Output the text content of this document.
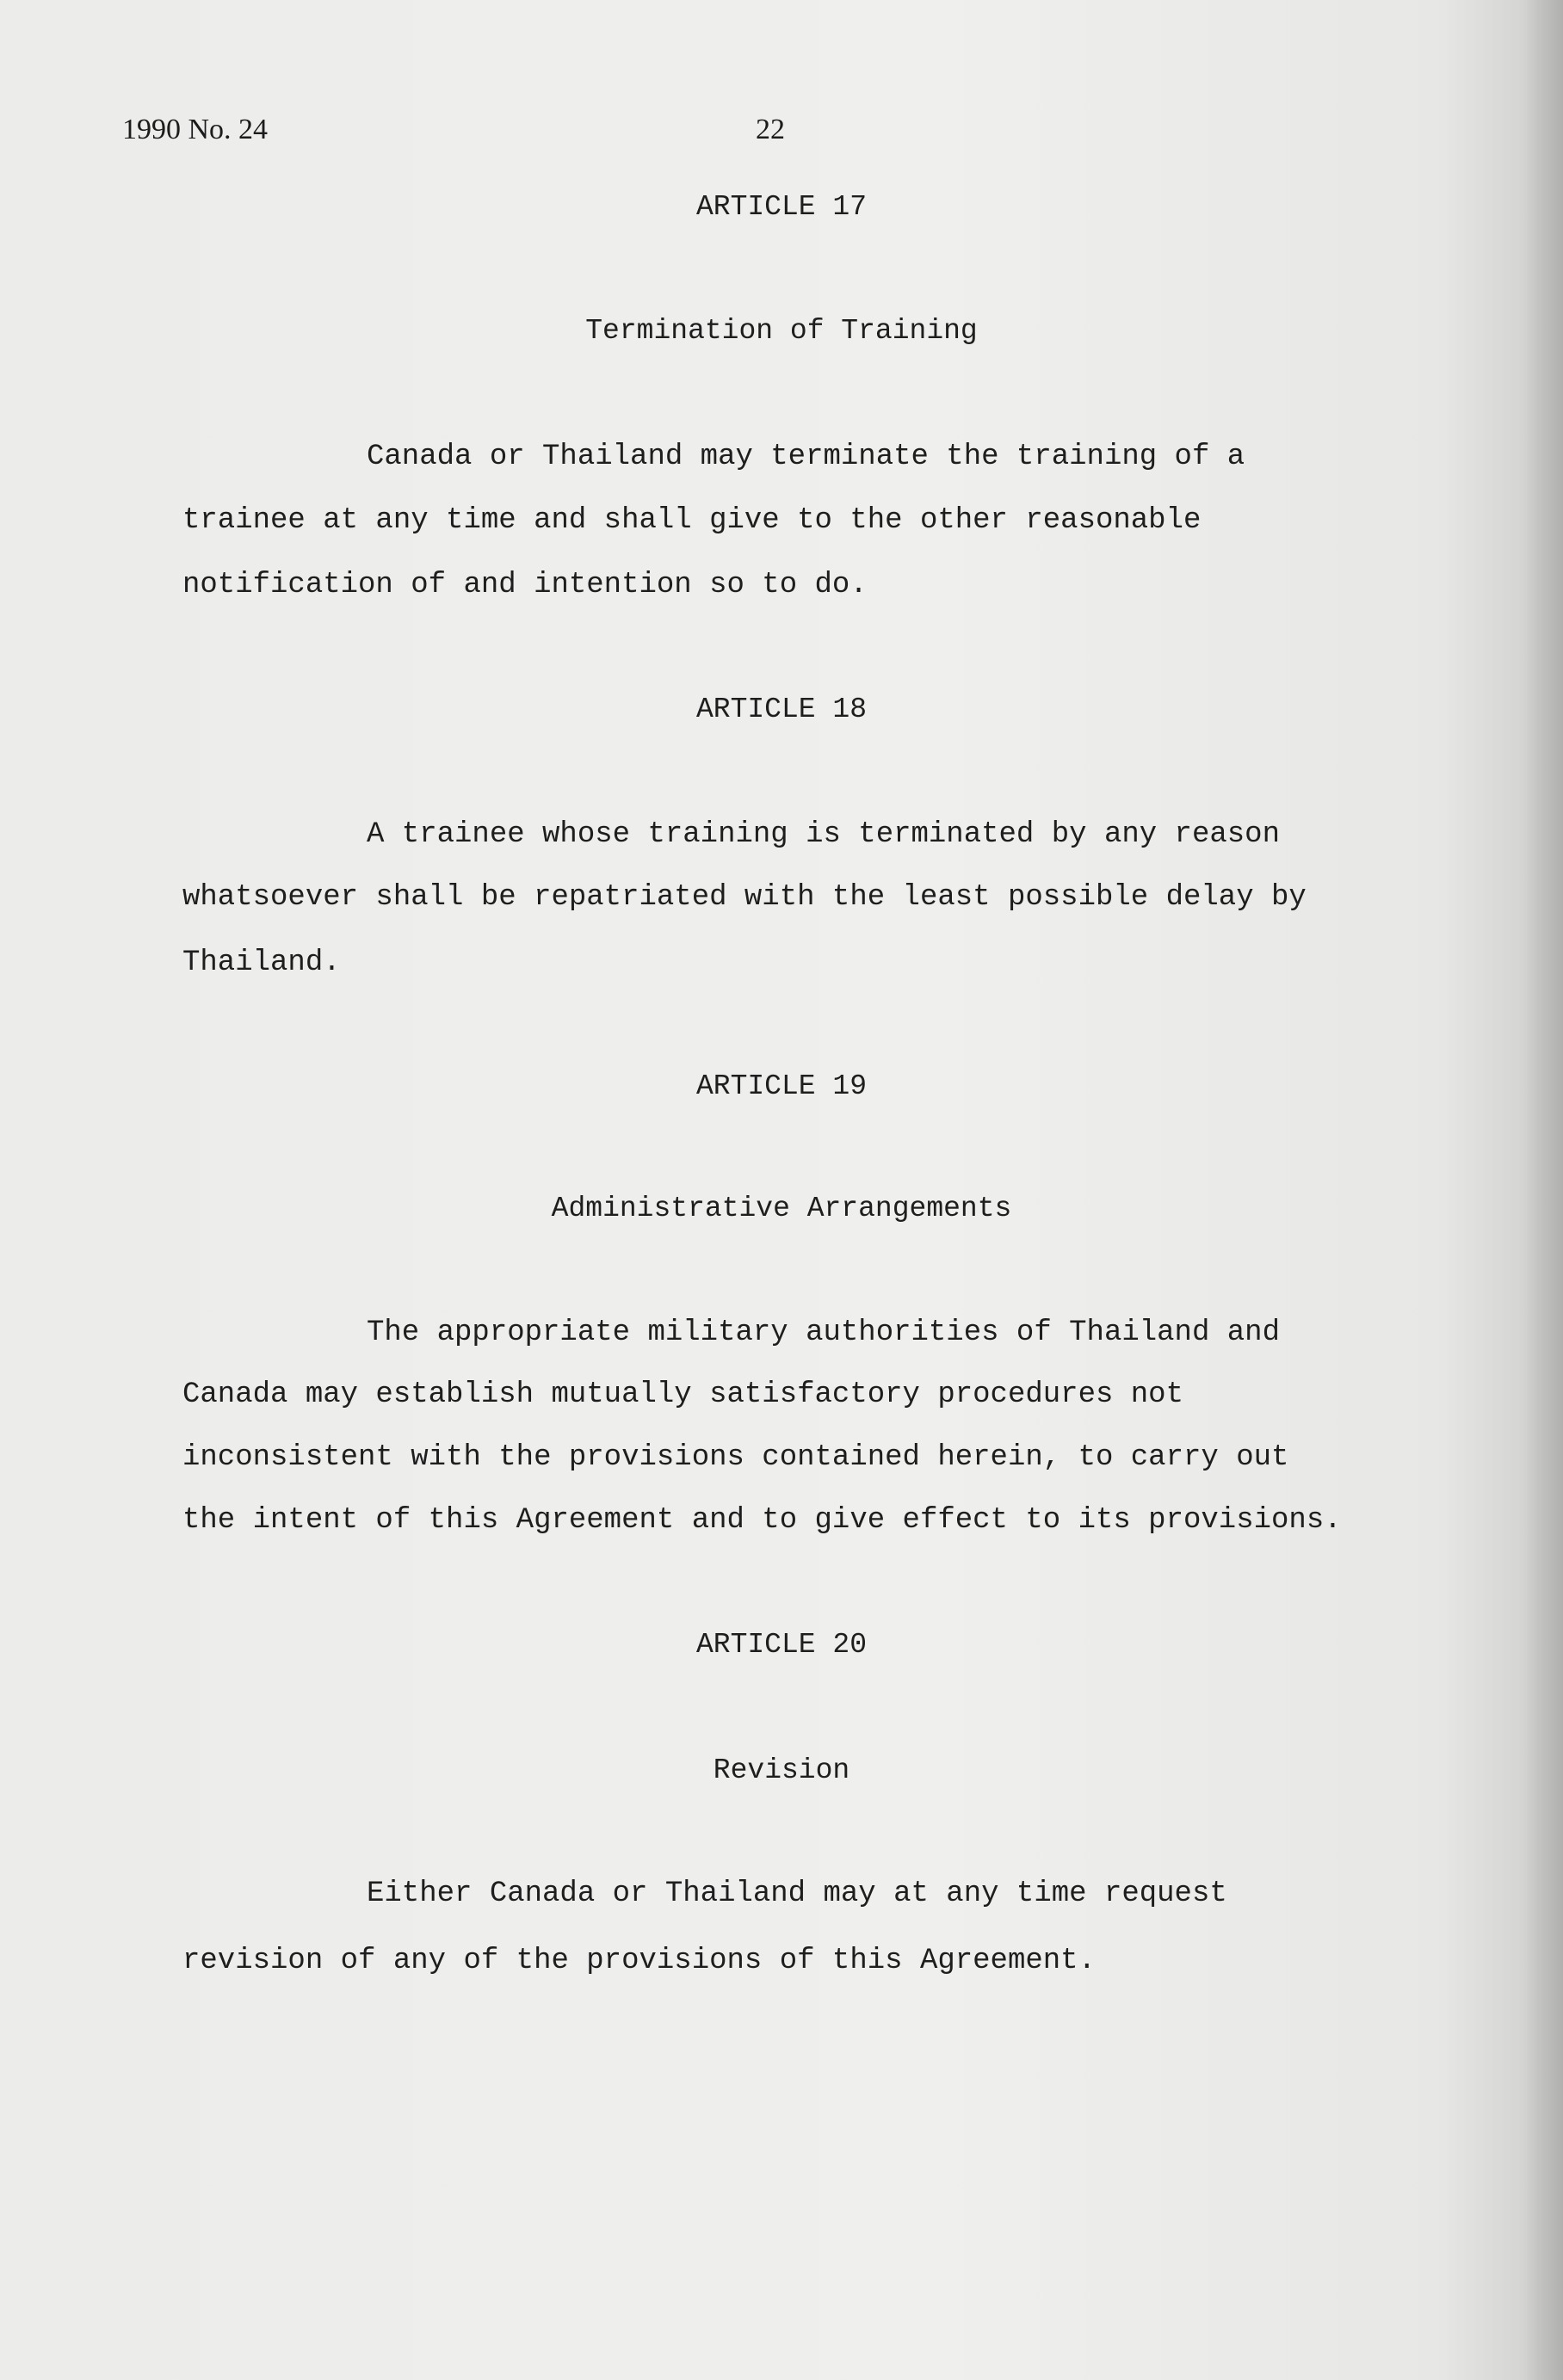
1990 No. 24	22
ARTICLE 17
Termination of Training
Canada or Thailand may terminate the training of a
trainee at any time and shall give to the other reasonable
notification of and intention so to do.
ARTICLE 18
A trainee whose training is terminated by any reason
whatsoever shall be repatriated with the least possible delay by
Thailand.
ARTICLE 19
Administrative Arrangements
The appropriate military authorities of Thailand and
Canada may establish mutually satisfactory procedures not
inconsistent with the provisions contained herein, to carry out
the intent of this Agreement and to give effect to its provisions.
ARTICLE 20
Revision
Either Canada or Thailand may at any time request
revision of any of the provisions of this Agreement.
